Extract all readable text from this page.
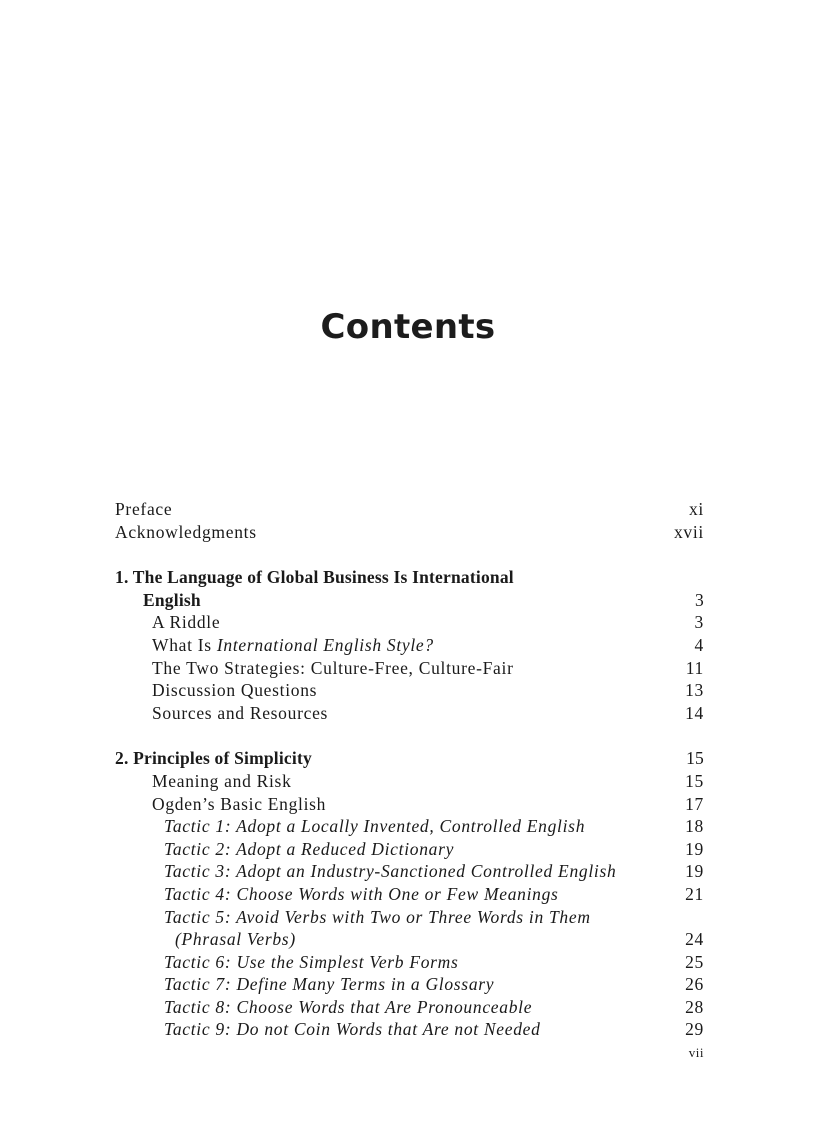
Contents
Preface	xi
Acknowledgments	xvii
1. The Language of Global Business Is International
English	3
A Riddle	3
What Is International English Style?	4
The Two Strategies: Culture-Free, Culture-Fair	11
Discussion Questions	13
Sources and Resources	14
2. Principles of Simplicity	15
Meaning and Risk	15
Ogden’s Basic English	17
Tactic 1: Adopt a Locally Invented, Controlled English	18
Tactic 2: Adopt a Reduced Dictionary	19
Tactic 3: Adopt an Industry-Sanctioned Controlled English	19
Tactic 4: Choose Words with One or Few Meanings	21
Tactic 5: Avoid Verbs with Two or Three Words in Them
(Phrasal Verbs)	24
Tactic 6: Use the Simplest Verb Forms	25
Tactic 7: Define Many Terms in a Glossary	26
Tactic 8: Choose Words that Are Pronounceable	28
Tactic 9: Do not Coin Words that Are not Needed	29
vii
